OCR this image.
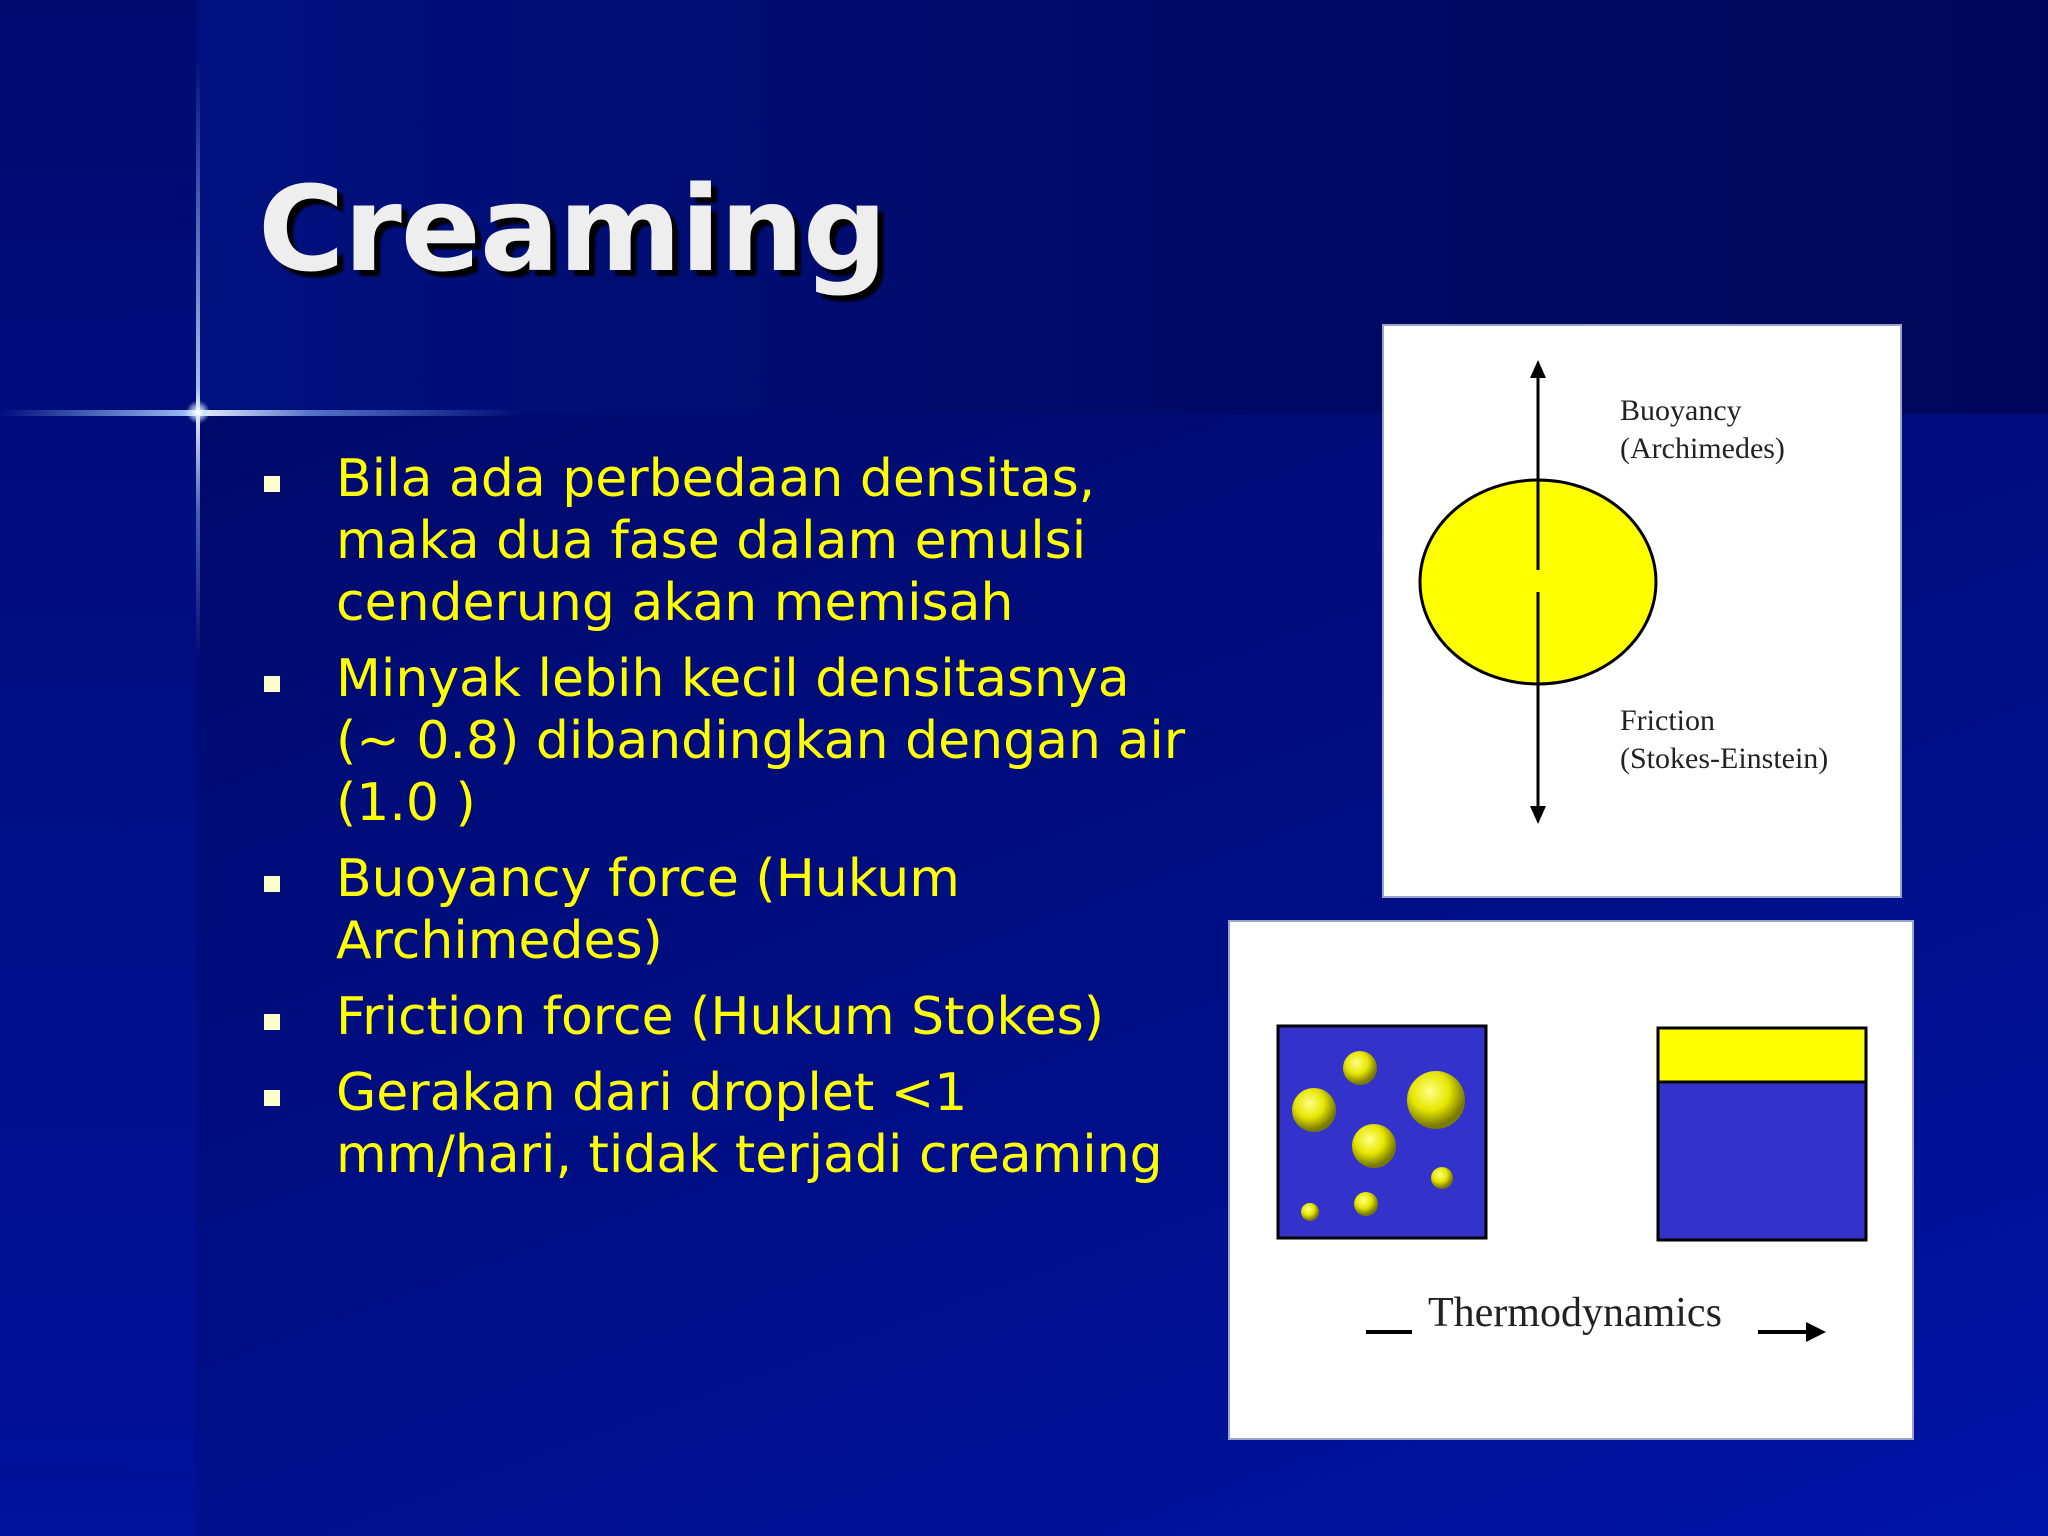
Creaming
Bila ada perbedaan densitas, maka dua fase dalam emulsi cenderung akan memisah
Minyak lebih kecil densitasnya (~ 0.8) dibandingkan dengan air (1.0 )
Buoyancy force (Hukum Archimedes)
Friction force (Hukum Stokes)
Gerakan dari droplet <1 mm/hari, tidak terjadi creaming
Buoyancy
(Archimedes)
Friction
(Stokes-Einstein)
Thermodynamics
